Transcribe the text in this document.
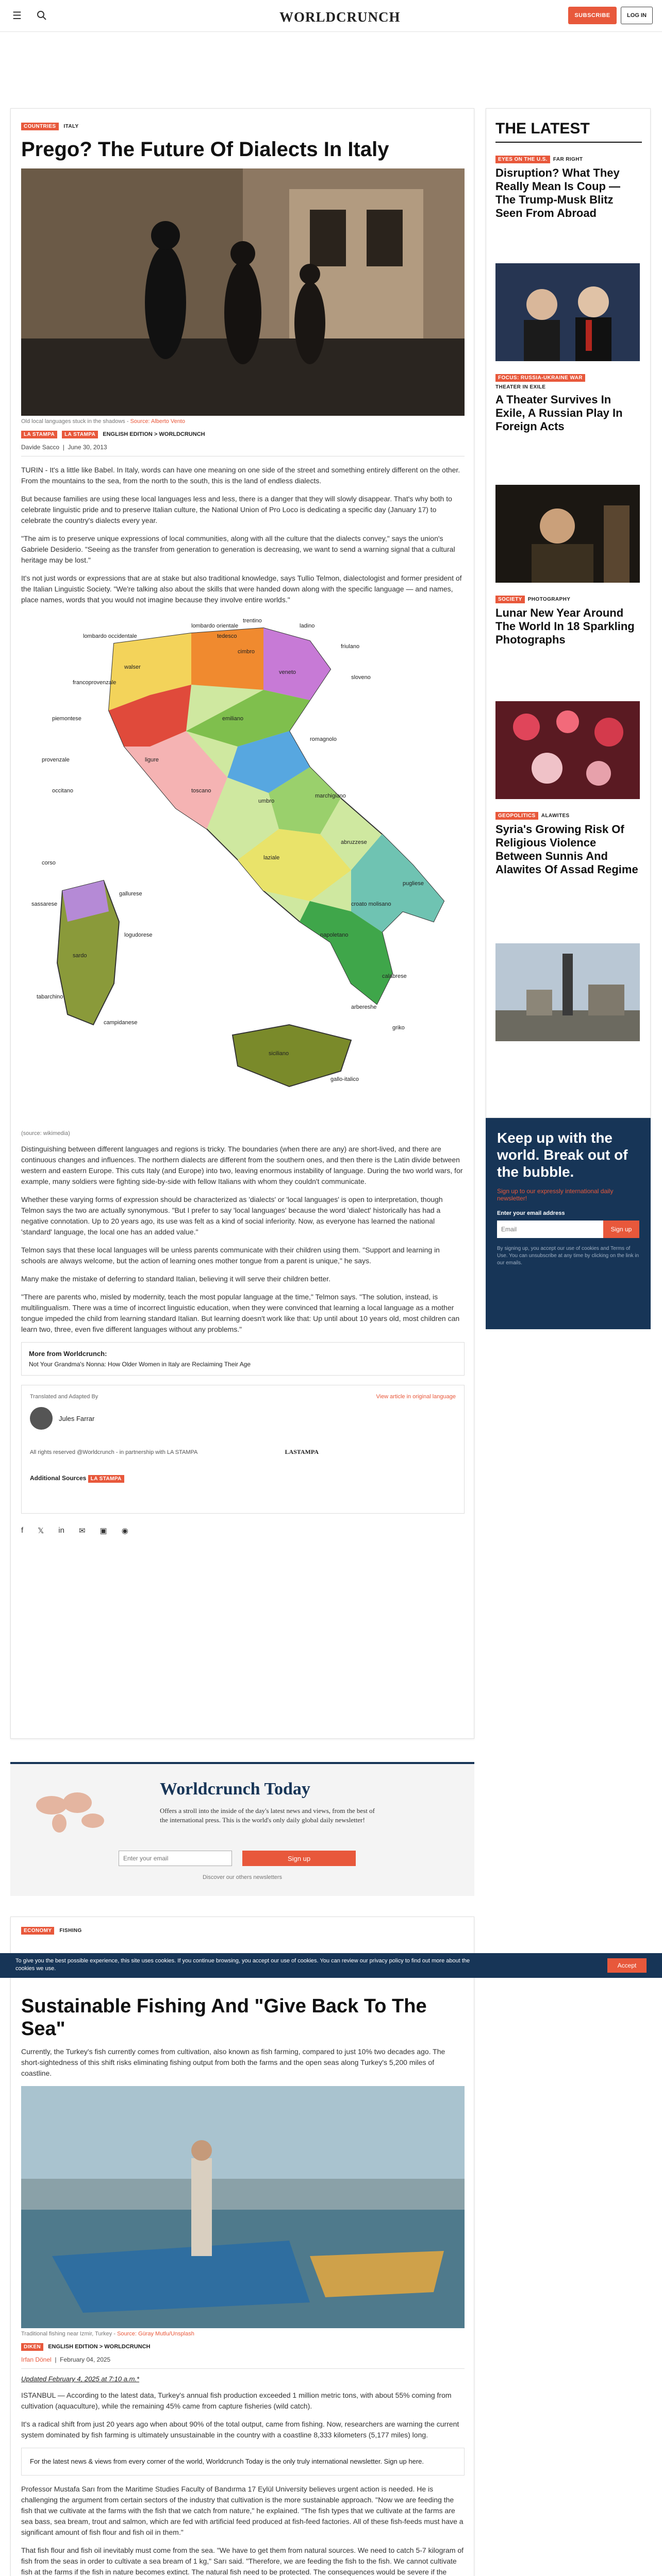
☰	WORLDCRUNCH	SUBSCRIBE	LOG IN
COUNTRIES ITALY
Prego? The Future Of Dialects In Italy
Old local languages stuck in the shadows - Source: Alberto Vento
LA STAMPA LA STAMPA ENGLISH EDITION > WORLDCRUNCH
Davide Sacco  |  June 30, 2013

TURIN - It's a little like Babel. In Italy, words can have one meaning on one side of the street and something entirely different on the other. From the mountains to the sea, from the north to the south, this is the land of endless dialects.

But because families are using these local languages less and less, there is a danger that they will slowly disappear. That's why both to celebrate linguistic pride and to preserve Italian culture, the National Union of Pro Loco is dedicating a specific day (January 17) to celebrate the country's dialects every year.

"The aim is to preserve unique expressions of local communities, along with all the culture that the dialects convey," says the union's Gabriele Desiderio. "Seeing as the transfer from generation to generation is decreasing, we want to send a warning signal that a cultural heritage may be lost."

It's not just words or expressions that are at stake but also traditional knowledge, says Tullio Telmon, dialectologist and former president of the Italian Linguistic Society. "We're talking also about the skills that were handed down along with the specific language — and names, place names, words that you would not imagine because they involve entire worlds."

lombardo occidentale
lombardo orientale
trentino
ladino
friulano
sloveno
veneto
emiliano
romagnolo
piemontese
ligure
provenzale
toscano
marchigiano
umbro
laziale
abruzzese
sardo
napoletano
pugliese
calabrese
siciliano
gallurese
sassarese
logudorese
campidanese
griko
arbereshe
tabarchino
corso
occitano
francoprovenzale
walser
cimbro
tedesco
croato molisano
gallo-italico
(source: wikimedia)

Distinguishing between different languages and regions is tricky. The boundaries (when there are any) are short-lived, and there are continuous changes and influences. The northern dialects are different from the southern ones, and then there is the Latin divide between western and eastern Europe. This cuts Italy (and Europe) into two, leaving enormous instability of language. During the two world wars, for example, many soldiers were fighting side-by-side with fellow Italians with whom they couldn't communicate.

Whether these varying forms of expression should be characterized as 'dialects' or 'local languages' is open to interpretation, though Telmon says the two are actually synonymous. "But I prefer to say 'local languages' because the word 'dialect' historically has had a negative connotation. Up to 20 years ago, its use was felt as a kind of social inferiority. Now, as everyone has learned the national 'standard' language, the local one has an added value."

Telmon says that these local languages will be unless parents communicate with their children using them. "Support and learning in schools are always welcome, but the action of learning ones mother tongue from a parent is unique," he says.

Many make the mistake of deferring to standard Italian, believing it will serve their children better.

"There are parents who, misled by modernity, teach the most popular language at the time," Telmon says. "The solution, instead, is multilingualism. There was a time of incorrect linguistic education, when they were convinced that learning a local language as a mother tongue impeded the child from learning standard Italian. But learning doesn't work like that: Up until about 10 years old, most children can learn two, three, even five different languages without any problems."

More from Worldcrunch:
Not Your Grandma's Nonna: How Older Women in Italy are Reclaiming Their Age
Translated and Adapted By	View article in original language
Jules Farrar
All rights reserved @Worldcrunch - in partnership with LA STAMPA	LASTAMPA
Additional Sources LA STAMPA
f 𝕏 in ✉ ▣ ◉
THE LATEST
EYES ON THE U.S. FAR RIGHT
Disruption? What They Really Mean Is Coup — The Trump-Musk Blitz Seen From Abroad
FOCUS: RUSSIA-UKRAINE WAR
THEATER IN EXILE
A Theater Survives In Exile, A Russian Play In Foreign Acts
SOCIETY PHOTOGRAPHY
Lunar New Year Around The World In 18 Sparkling Photographs
GEOPOLITICS ALAWITES
Syria's Growing Risk Of Religious Violence Between Sunnis And Alawites Of Assad Regime
Keep up with the world. Break out of the bubble.
Sign up to our expressly international daily newsletter!
Enter your email address
Email
Sign up
By signing up, you accept our use of cookies and Terms of Use. You can unsubscribe at any time by clicking on the link in our emails.
Worldcrunch Today
Offers a stroll into the inside of the day's latest news and views, from the best of the international press. This is the world's only daily global daily newsletter!
Enter your email
Sign up
Discover our others newsletters
ECONOMY FISHING
Sustainable Fishing And "Give Back To The Sea"

Currently, the Turkey's fish currently comes from cultivation, also known as fish farming, compared to just 10% two decades ago. The short-sightedness of this shift risks eliminating fishing output from both the farms and the open seas along Turkey's 5,200 miles of coastline.

Traditional fishing near Izmir, Turkey - Source: Güray Mutlu/Unsplash
DIKEN ENGLISH EDITION > WORLDCRUNCH
Irfan Dönel  |  February 04, 2025
Updated February 4, 2025 at 7:10 a.m.*

ISTANBUL — According to the latest data, Turkey's annual fish production exceeded 1 million metric tons, with about 55% coming from cultivation (aquaculture), while the remaining 45% came from capture fisheries (wild catch).

It's a radical shift from just 20 years ago when about 90% of the total output, came from fishing. Now, researchers are warning the current system dominated by fish farming is ultimately unsustainable in the country with a coastline 8,333 kilometers (5,177 miles) long.

For the latest news & views from every corner of the world, Worldcrunch Today is the only truly international newsletter. Sign up here.

Professor Mustafa Sarı from the Maritime Studies Faculty of Bandırma 17 Eylül University believes urgent action is needed. He is challenging the argument from certain sectors of the industry that cultivation is the more sustainable approach. "Now we are feeding the fish that we cultivate at the farms with the fish that we catch from nature," he explained. "The fish types that we cultivate at the farms are sea bass, sea bream, trout and salmon, which are fed with artificial feed produced at fish-feed factories. All of these fish-feeds must have a significant amount of fish flour and fish oil in them."

That fish flour and fish oil inevitably must come from the sea. "We have to get them from natural sources. We need to catch 5-7 kilogram of fish from the seas in order to cultivate a sea bream of 1 kg," Sarı said. "Therefore, we are feeding the fish to the fish. We cannot cultivate fish at the farms if the fish in nature becomes extinct. The natural fish need to be protected. The consequences would be severe if the

To give you the best possible experience, this site uses cookies. If you continue browsing, you accept our use of cookies. You can review our privacy policy to find out more about the cookies we use.	Accept
